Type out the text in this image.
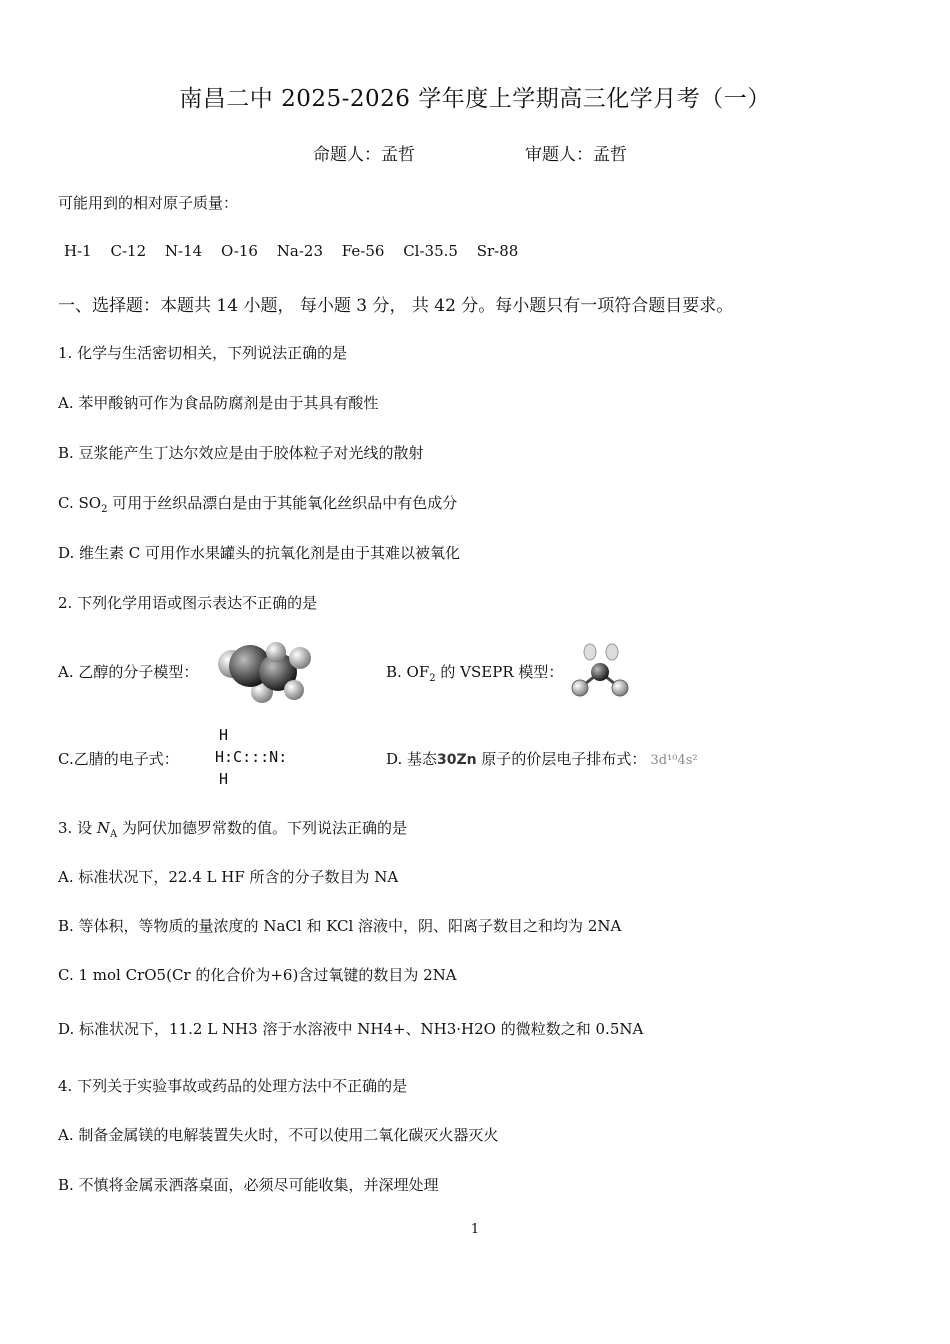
南昌二中 2025-2026 学年度上学期高三化学月考（一）
命题人：孟哲	审题人：孟哲
可能用到的相对原子质量：
H-1 C-12 N-14 O-16 Na-23 Fe-56 Cl-35.5 Sr-88
一、选择题：本题共 14 小题， 每小题 3 分， 共 42 分。每小题只有一项符合题目要求。
1. 化学与生活密切相关，下列说法正确的是
A. 苯甲酸钠可作为食品防腐剂是由于其具有酸性
B. 豆浆能产生丁达尔效应是由于胶体粒子对光线的散射
C. $SO_2$ 可用于丝织品漂白是由于其能氧化丝织品中有色成分
D. 维生素 C 可用作水果罐头的抗氧化剂是由于其难以被氧化
2. 下列化学用语或图示表达不正确的是
A. 乙醇的分子模型：	B. $OF_2$ 的 VSEPR 模型：
C.乙腈的电子式：
H
H:C:::N:
H
D. 基态30Zn 原子的价层电子排布式： 3d¹⁰4s²
3. 设 $N_A$ 为阿伏加德罗常数的值。下列说法正确的是
A. 标准状况下，22.4 L HF 所含的分子数目为 NA
B. 等体积，等物质的量浓度的 NaCl 和 KCl 溶液中，阴、阳离子数目之和均为 2NA
C. 1 mol CrO5(Cr 的化合价为+6)含过氧键的数目为 2NA
D. 标准状况下，11.2 L NH3 溶于水溶液中 NH4+、NH3·H2O 的微粒数之和 0.5NA
4. 下列关于实验事故或药品的处理方法中不正确的是
A. 制备金属镁的电解装置失火时，不可以使用二氧化碳灭火器灭火
B. 不慎将金属汞洒落桌面，必须尽可能收集，并深埋处理
1
